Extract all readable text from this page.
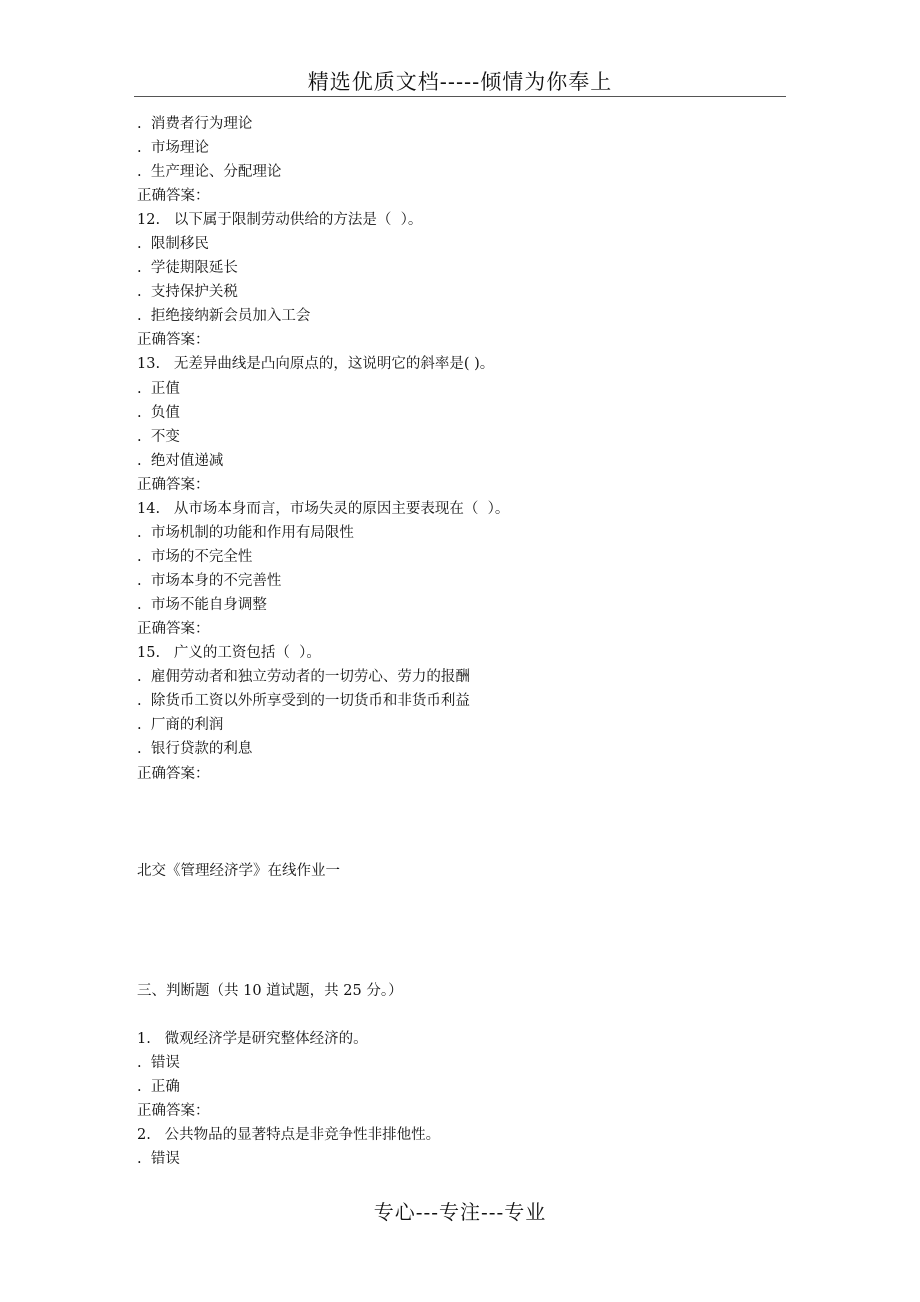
精选优质文档-----倾情为你奉上
.  消费者行为理论
.  市场理论
.  生产理论、分配理论
正确答案：
12.   以下属于限制劳动供给的方法是（  ）。
.  限制移民
.  学徒期限延长
.  支持保护关税
.  拒绝接纳新会员加入工会
正确答案：
13.   无差异曲线是凸向原点的，这说明它的斜率是( )。
.  正值
.  负值
.  不变
.  绝对值递减
正确答案：
14.   从市场本身而言，市场失灵的原因主要表现在（  ）。
.  市场机制的功能和作用有局限性
.  市场的不完全性
.  市场本身的不完善性
.  市场不能自身调整
正确答案：
15.   广义的工资包括（  ）。
.  雇佣劳动者和独立劳动者的一切劳心、劳力的报酬
.  除货币工资以外所享受到的一切货币和非货币利益
.  厂商的利润
.  银行贷款的利息
正确答案：
北交《管理经济学》在线作业一
三、判断题（共 10 道试题，共 25 分。）
1.   微观经济学是研究整体经济的。
.  错误
.  正确
正确答案：
2.   公共物品的显著特点是非竞争性非排他性。
.  错误
专心---专注---专业
